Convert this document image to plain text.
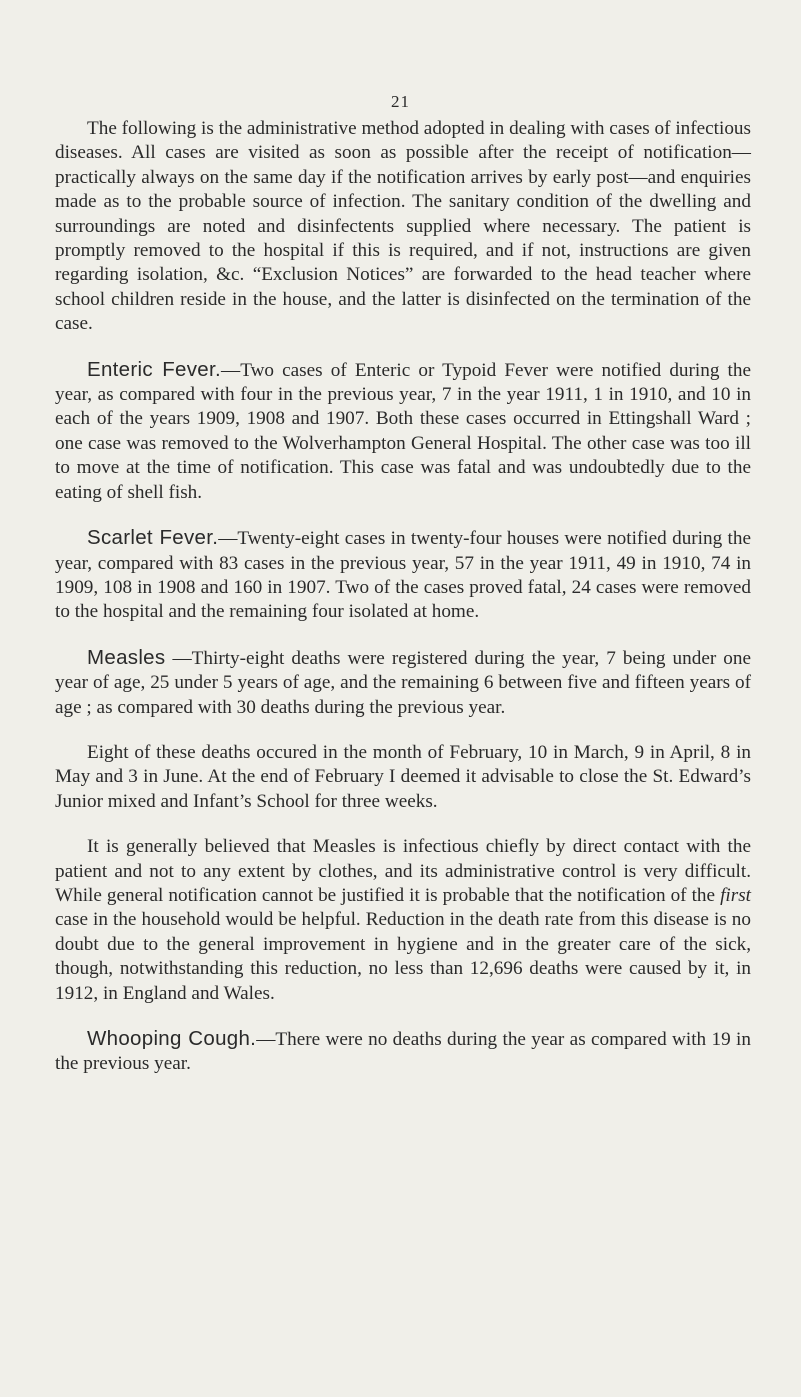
21

The following is the administrative method adopted in dealing with cases of infectious diseases. All cases are visited as soon as possible after the receipt of notification—practically always on the same day if the notification arrives by early post—and enquiries made as to the probable source of infection. The sanitary condition of the dwelling and surroundings are noted and disinfectents supplied where necessary. The patient is promptly removed to the hospital if this is required, and if not, instructions are given regarding isolation, &c. “Exclusion Notices” are forwarded to the head teacher where school children reside in the house, and the latter is disinfected on the termination of the case.

Enteric Fever.—Two cases of Enteric or Typoid Fever were notified during the year, as compared with four in the previous year, 7 in the year 1911, 1 in 1910, and 10 in each of the years 1909, 1908 and 1907. Both these cases occurred in Ettingshall Ward ; one case was removed to the Wolverhampton General Hospital. The other case was too ill to move at the time of notification. This case was fatal and was undoubtedly due to the eating of shell fish.

Scarlet Fever.—Twenty-eight cases in twenty-four houses were notified during the year, compared with 83 cases in the previous year, 57 in the year 1911, 49 in 1910, 74 in 1909, 108 in 1908 and 160 in 1907. Two of the cases proved fatal, 24 cases were removed to the hospital and the remaining four isolated at home.

Measles —Thirty-eight deaths were registered during the year, 7 being under one year of age, 25 under 5 years of age, and the remaining 6 between five and fifteen years of age ; as compared with 30 deaths during the previous year.

Eight of these deaths occured in the month of February, 10 in March, 9 in April, 8 in May and 3 in June. At the end of February I deemed it advisable to close the St. Edward’s Junior mixed and Infant’s School for three weeks.

It is generally believed that Measles is infectious chiefly by direct contact with the patient and not to any extent by clothes, and its administrative control is very difficult. While general notification cannot be justified it is probable that the notification of the first case in the household would be helpful. Reduction in the death rate from this disease is no doubt due to the general improvement in hygiene and in the greater care of the sick, though, notwithstanding this reduction, no less than 12,696 deaths were caused by it, in 1912, in England and Wales.

Whooping Cough.—There were no deaths during the year as compared with 19 in the previous year.
